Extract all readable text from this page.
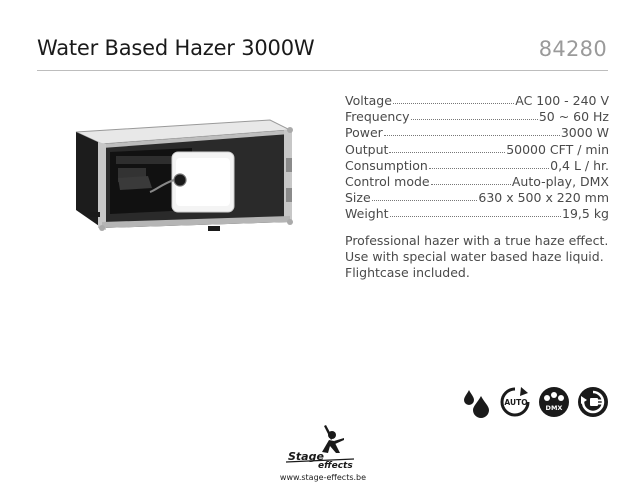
Water Based Hazer 3000W	84280
Voltage	AC 100 - 240 V
Frequency	50 ~ 60 Hz
Power	3000 W
Output	50000 CFT / min
Consumption	0,4 L / hr.
Control mode	Auto-play, DMX
Size	630 x 500 x 220 mm
Weight	19,5 kg

Professional hazer with a true haze effect.

Use with special water based haze liquid.

Flightcase included.

AUTO
DMX
Stage
effects
www.stage-effects.be
